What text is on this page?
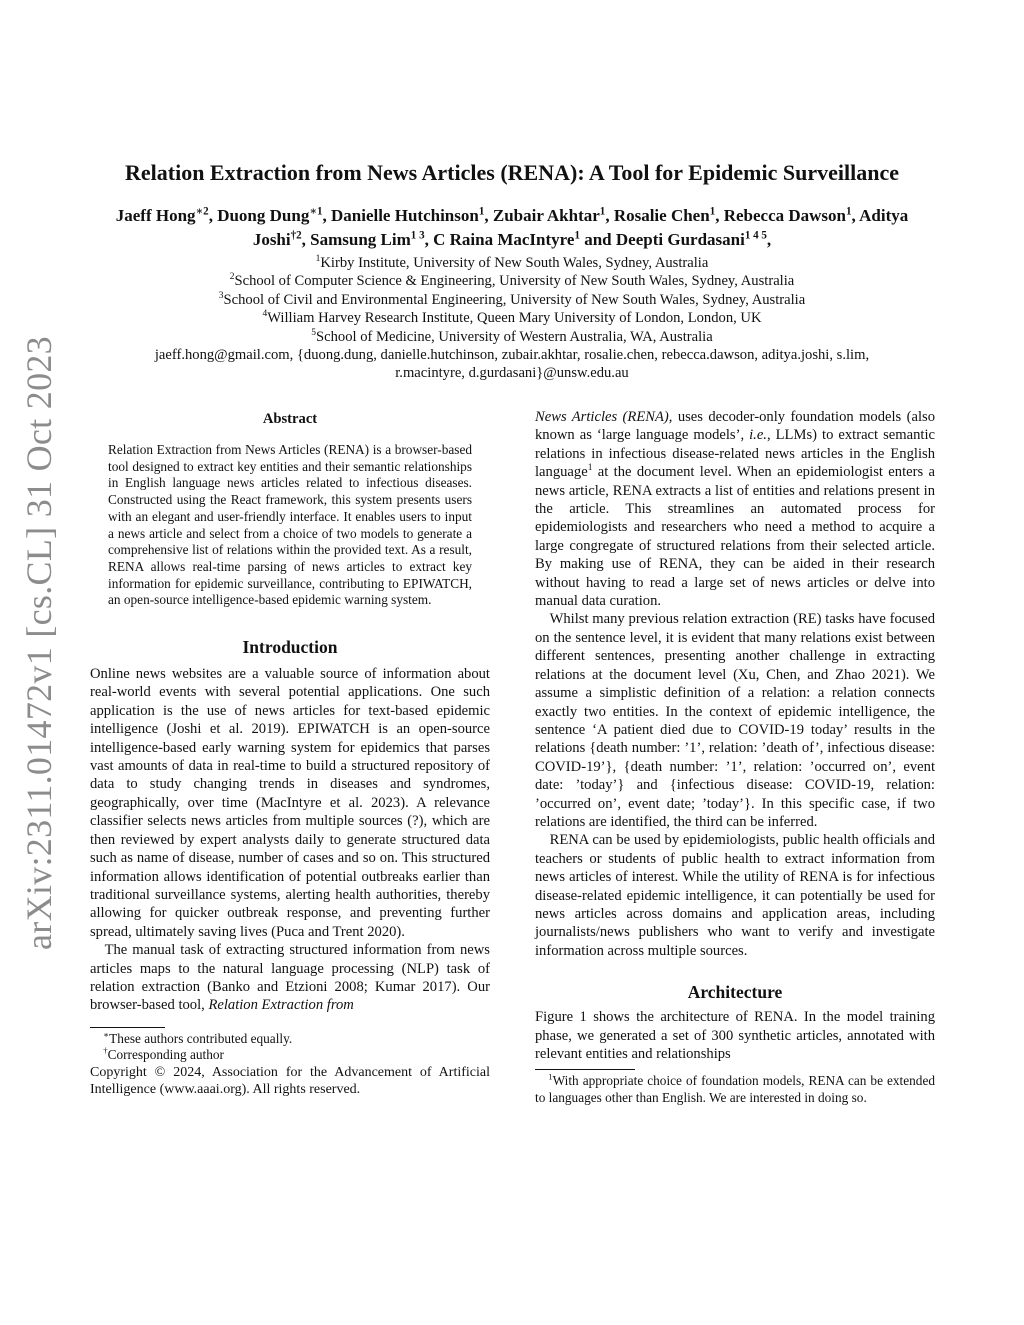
arXiv:2311.01472v1 [cs.CL] 31 Oct 2023
Relation Extraction from News Articles (RENA): A Tool for Epidemic Surveillance
Jaeff Hong$^{∗2}$, Duong Dung$^{∗1}$, Danielle Hutchinson$^1$, Zubair Akhtar$^1$, Rosalie Chen$^1$, Rebecca Dawson$^1$, Aditya Joshi$^{\dagger 2}$, Samsung Lim$^{1 3}$, C Raina MacIntyre$^1$ and Deepti Gurdasani$^{1 4 5}$,
$^1$Kirby Institute, University of New South Wales, Sydney, Australia
$^2$School of Computer Science & Engineering, University of New South Wales, Sydney, Australia
$^3$School of Civil and Environmental Engineering, University of New South Wales, Sydney, Australia
$^4$William Harvey Research Institute, Queen Mary University of London, London, UK
$^5$School of Medicine, University of Western Australia, WA, Australia
jaeff.hong@gmail.com, {duong.dung, danielle.hutchinson, zubair.akhtar, rosalie.chen, rebecca.dawson, aditya.joshi, s.lim,
r.macintyre, d.gurdasani}@unsw.edu.au
Abstract
Relation Extraction from News Articles (RENA) is a browser-based tool designed to extract key entities and their semantic relationships in English language news articles related to infectious diseases. Constructed using the React framework, this system presents users with an elegant and user-friendly interface. It enables users to input a news article and select from a choice of two models to generate a comprehensive list of relations within the provided text. As a result, RENA allows real-time parsing of news articles to extract key information for epidemic surveillance, contributing to EPIWATCH, an open-source intelligence-based epidemic warning system.
Introduction

Online news websites are a valuable source of information about real-world events with several potential applications. One such application is the use of news articles for text-based epidemic intelligence (Joshi et al. 2019). EPIWATCH is an open-source intelligence-based early warning system for epidemics that parses vast amounts of data in real-time to build a structured repository of data to study changing trends in diseases and syndromes, geographically, over time (MacIntyre et al. 2023). A relevance classifier selects news articles from multiple sources (?), which are then reviewed by expert analysts daily to generate structured data such as name of disease, number of cases and so on. This structured information allows identification of potential outbreaks earlier than traditional surveillance systems, alerting health authorities, thereby allowing for quicker outbreak response, and preventing further spread, ultimately saving lives (Puca and Trent 2020).

The manual task of extracting structured information from news articles maps to the natural language processing (NLP) task of relation extraction (Banko and Etzioni 2008; Kumar 2017). Our browser-based tool, Relation Extraction from

∗These authors contributed equally.

†Corresponding author

Copyright © 2024, Association for the Advancement of Artificial Intelligence (www.aaai.org). All rights reserved.

News Articles (RENA), uses decoder-only foundation models (also known as ‘large language models’, i.e., LLMs) to extract semantic relations in infectious disease-related news articles in the English language$^1$ at the document level. When an epidemiologist enters a news article, RENA extracts a list of entities and relations present in the article. This streamlines an automated process for epidemiologists and researchers who need a method to acquire a large congregate of structured relations from their selected article. By making use of RENA, they can be aided in their research without having to read a large set of news articles or delve into manual data curation.

Whilst many previous relation extraction (RE) tasks have focused on the sentence level, it is evident that many relations exist between different sentences, presenting another challenge in extracting relations at the document level (Xu, Chen, and Zhao 2021). We assume a simplistic definition of a relation: a relation connects exactly two entities. In the context of epidemic intelligence, the sentence ‘A patient died due to COVID-19 today’ results in the relations {death number: ’1’, relation: ’death of’, infectious disease: COVID-19’}, {death number: ’1’, relation: ’occurred on’, event date: ’today’} and {infectious disease: COVID-19, relation: ’occurred on’, event date; ’today’}. In this specific case, if two relations are identified, the third can be inferred.

RENA can be used by epidemiologists, public health officials and teachers or students of public health to extract information from news articles of interest. While the utility of RENA is for infectious disease-related epidemic intelligence, it can potentially be used for news articles across domains and application areas, including journalists/news publishers who want to verify and investigate information across multiple sources.

Architecture

Figure 1 shows the architecture of RENA. In the model training phase, we generated a set of 300 synthetic articles, annotated with relevant entities and relationships

$^1$With appropriate choice of foundation models, RENA can be extended to languages other than English. We are interested in doing so.
